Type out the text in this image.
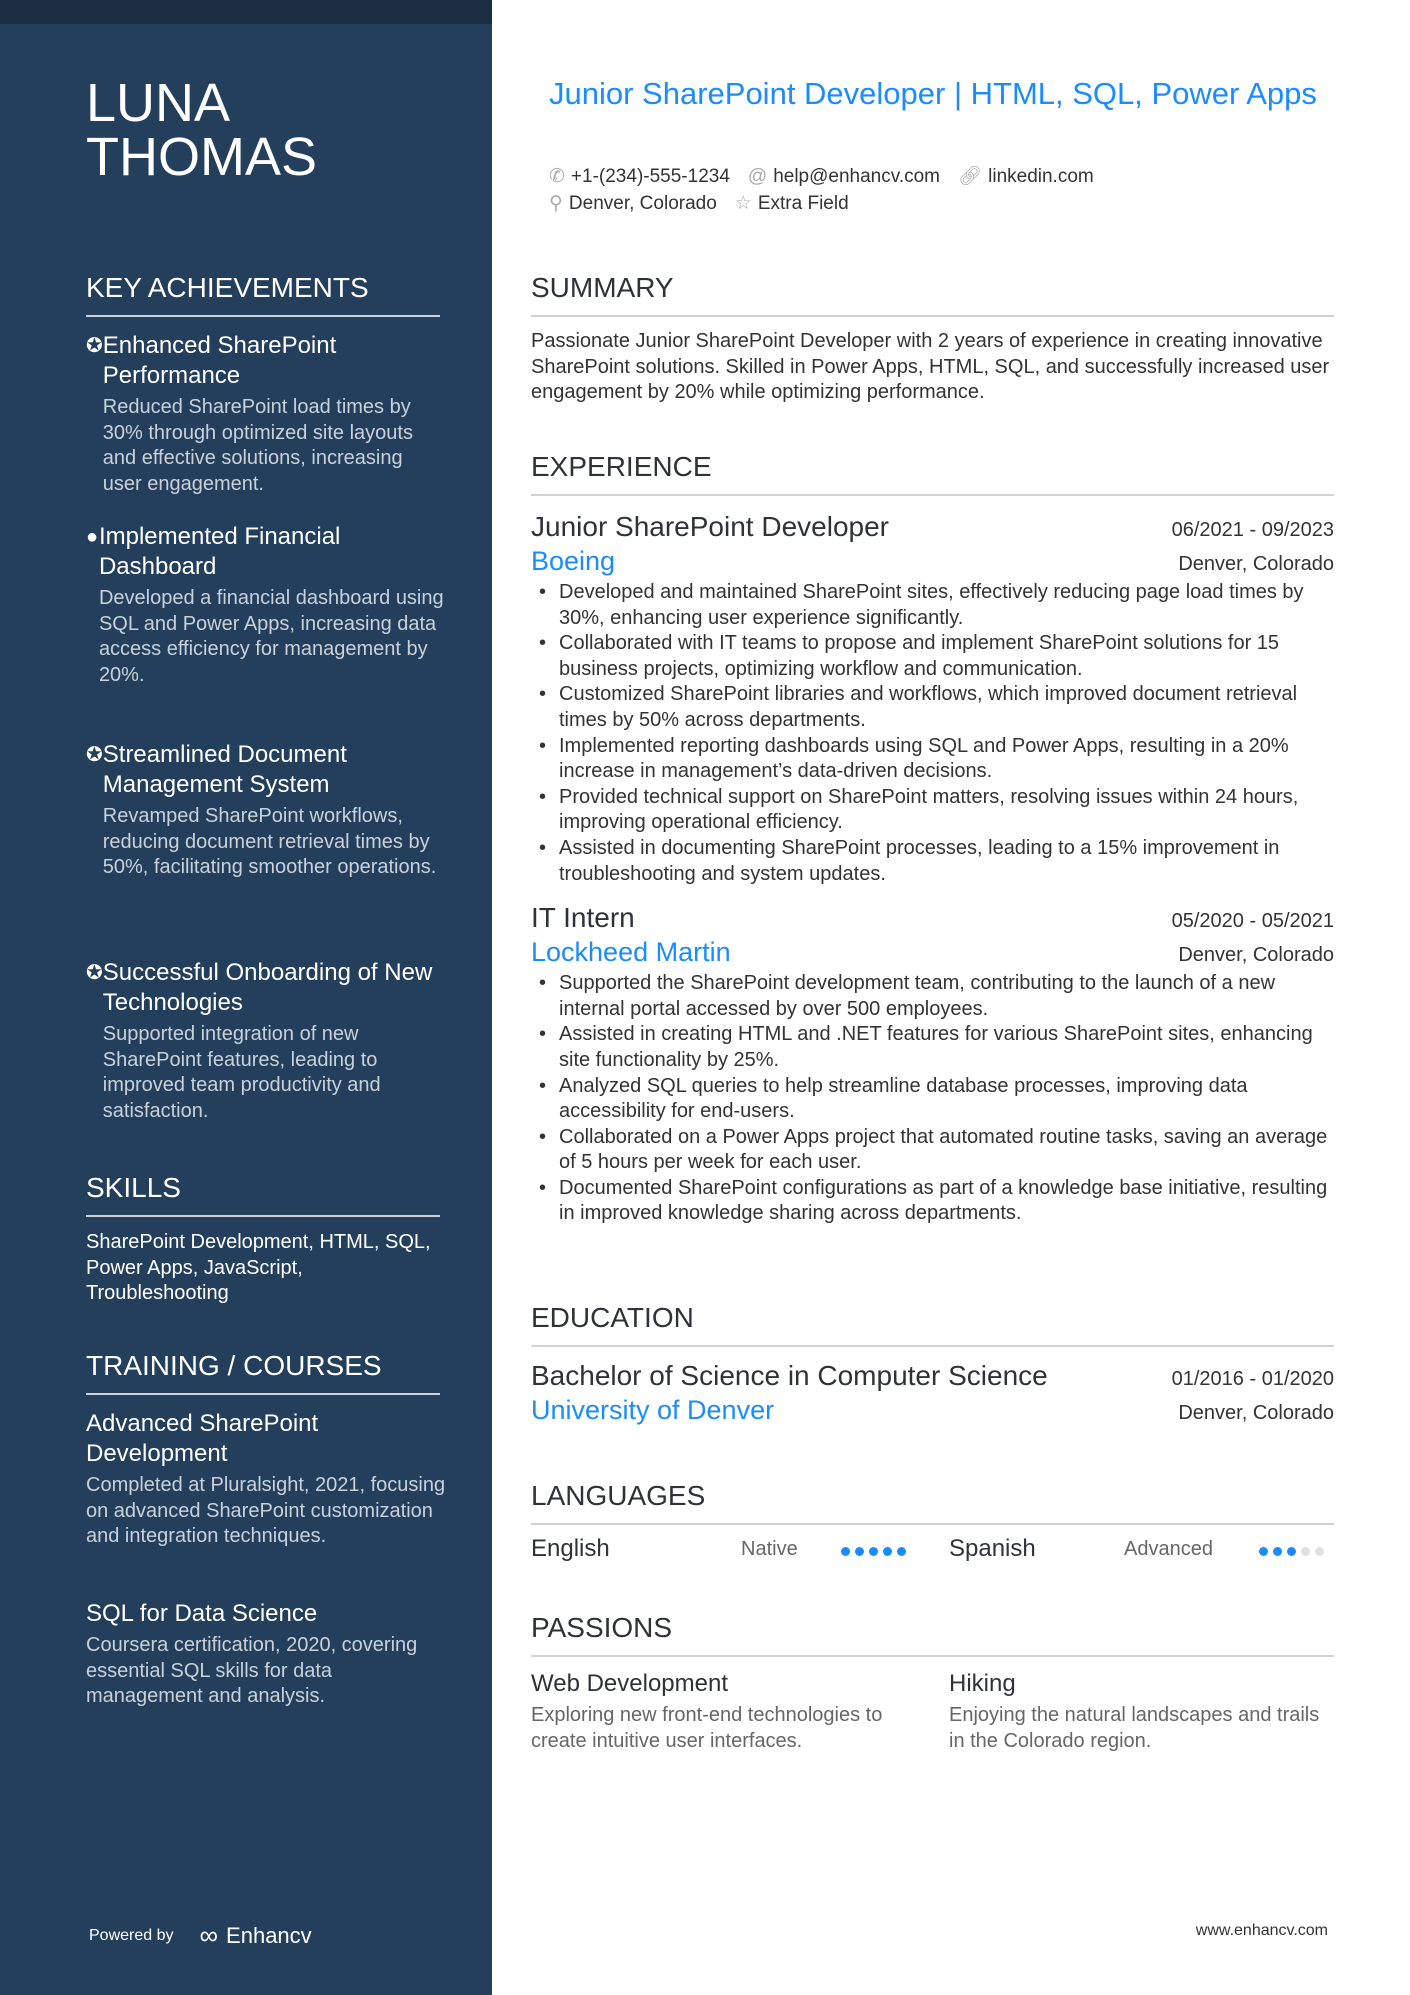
LUNA
THOMAS
KEY ACHIEVEMENTS
✪ Enhanced SharePoint Performance
Reduced SharePoint load times by 30% through optimized site layouts and effective solutions, increasing user engagement.
● Implemented Financial Dashboard
Developed a financial dashboard using SQL and Power Apps, increasing data access efficiency for management by 20%.
✪ Streamlined Document Management System
Revamped SharePoint workflows, reducing document retrieval times by 50%, facilitating smoother operations.
✪ Successful Onboarding of New Technologies
Supported integration of new SharePoint features, leading to improved team productivity and satisfaction.
SKILLS
SharePoint Development, HTML, SQL, Power Apps, JavaScript, Troubleshooting
TRAINING / COURSES
Advanced SharePoint Development
Completed at Pluralsight, 2021, focusing on advanced SharePoint customization and integration techniques.
SQL for Data Science
Coursera certification, 2020, covering essential SQL skills for data management and analysis.
Powered by ∞ Enhancv
Junior SharePoint Developer | HTML, SQL, Power Apps
✆ +1-(234)-555-1234 @ help@enhancv.com 🔗︎ linkedin.com
⚲ Denver, Colorado ☆ Extra Field
SUMMARY
Passionate Junior SharePoint Developer with 2 years of experience in creating innovative SharePoint solutions. Skilled in Power Apps, HTML, SQL, and successfully increased user engagement by 20% while optimizing performance.
EXPERIENCE
Junior SharePoint Developer	06/2021 - 09/2023
Boeing	Denver, Colorado
• Developed and maintained SharePoint sites, effectively reducing page load times by 30%, enhancing user experience significantly.
• Collaborated with IT teams to propose and implement SharePoint solutions for 15 business projects, optimizing workflow and communication.
• Customized SharePoint libraries and workflows, which improved document retrieval times by 50% across departments.
• Implemented reporting dashboards using SQL and Power Apps, resulting in a 20% increase in management’s data-driven decisions.
• Provided technical support on SharePoint matters, resolving issues within 24 hours, improving operational efficiency.
• Assisted in documenting SharePoint processes, leading to a 15% improvement in troubleshooting and system updates.
IT Intern	05/2020 - 05/2021
Lockheed Martin	Denver, Colorado
• Supported the SharePoint development team, contributing to the launch of a new internal portal accessed by over 500 employees.
• Assisted in creating HTML and .NET features for various SharePoint sites, enhancing site functionality by 25%.
• Analyzed SQL queries to help streamline database processes, improving data accessibility for end-users.
• Collaborated on a Power Apps project that automated routine tasks, saving an average of 5 hours per week for each user.
• Documented SharePoint configurations as part of a knowledge base initiative, resulting in improved knowledge sharing across departments.
EDUCATION
Bachelor of Science in Computer Science	01/2016 - 01/2020
University of Denver	Denver, Colorado
LANGUAGES
English	Native	Spanish	Advanced
PASSIONS
Web Development
Exploring new front-end technologies to create intuitive user interfaces.
Hiking
Enjoying the natural landscapes and trails in the Colorado region.
www.enhancv.com
